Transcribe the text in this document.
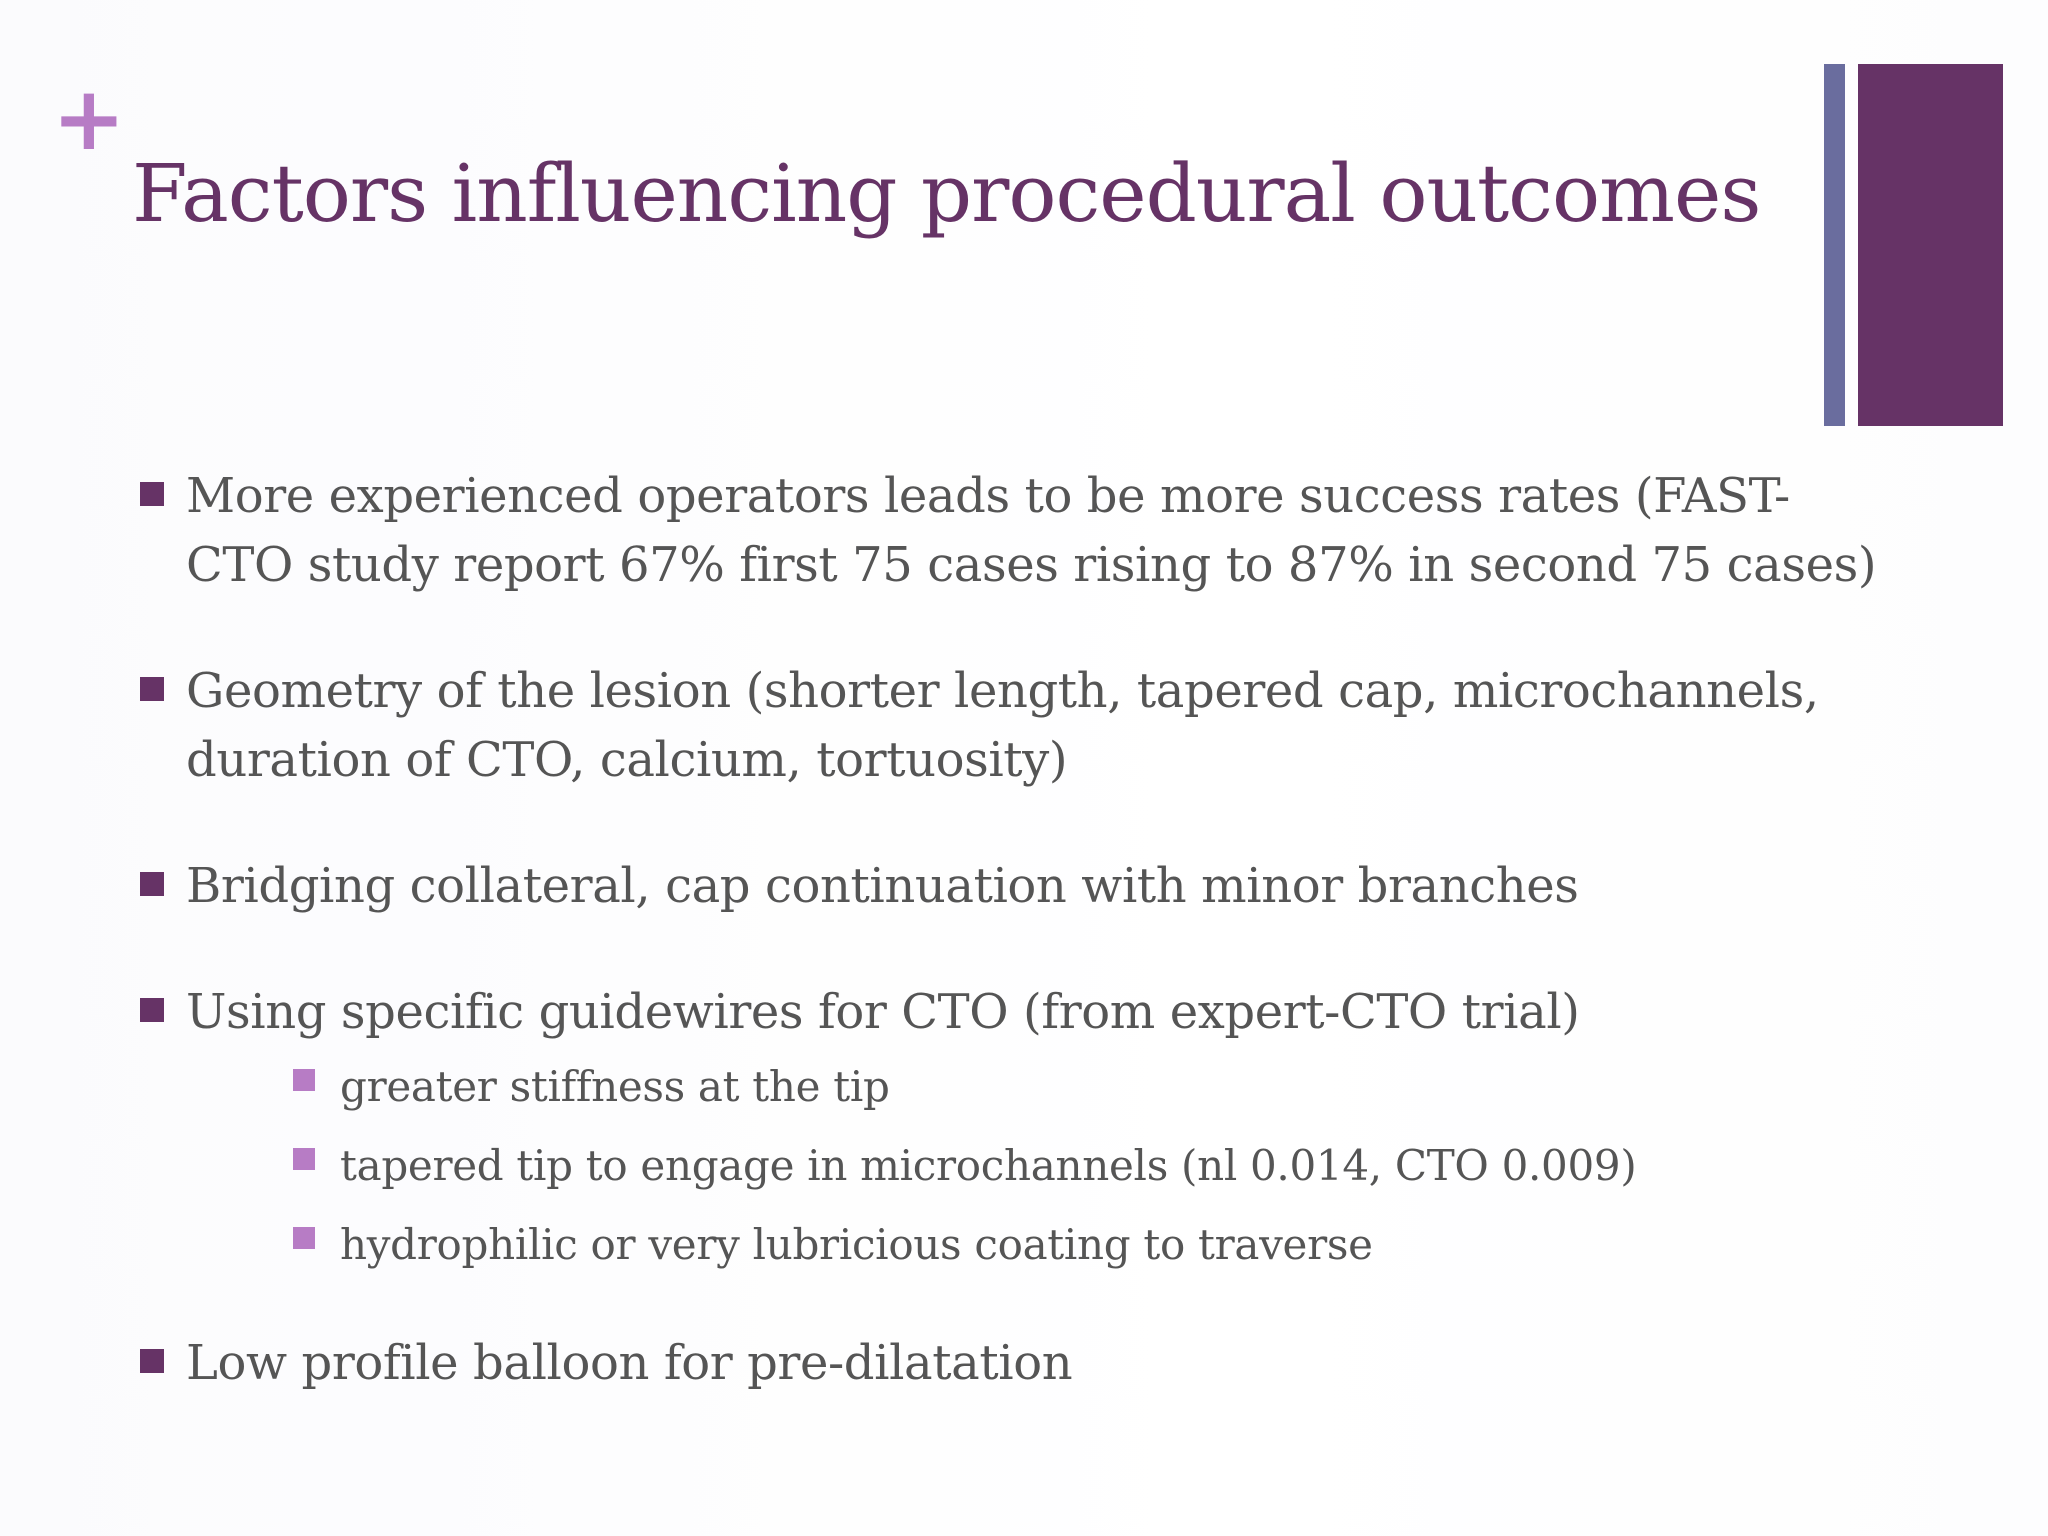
+
Factors influencing procedural outcomes
More experienced operators leads to be more success rates (FAST-CTO study report 67% first 75 cases rising to 87% in second 75 cases)
Geometry of the lesion (shorter length, tapered cap, microchannels, duration of CTO, calcium, tortuosity)
Bridging collateral, cap continuation with minor branches
Using specific guidewires for CTO (from expert-CTO trial)
greater stiffness at the tip
tapered tip to engage in microchannels (nl 0.014, CTO 0.009)
hydrophilic or very lubricious coating to traverse
Low profile balloon for pre-dilatation
